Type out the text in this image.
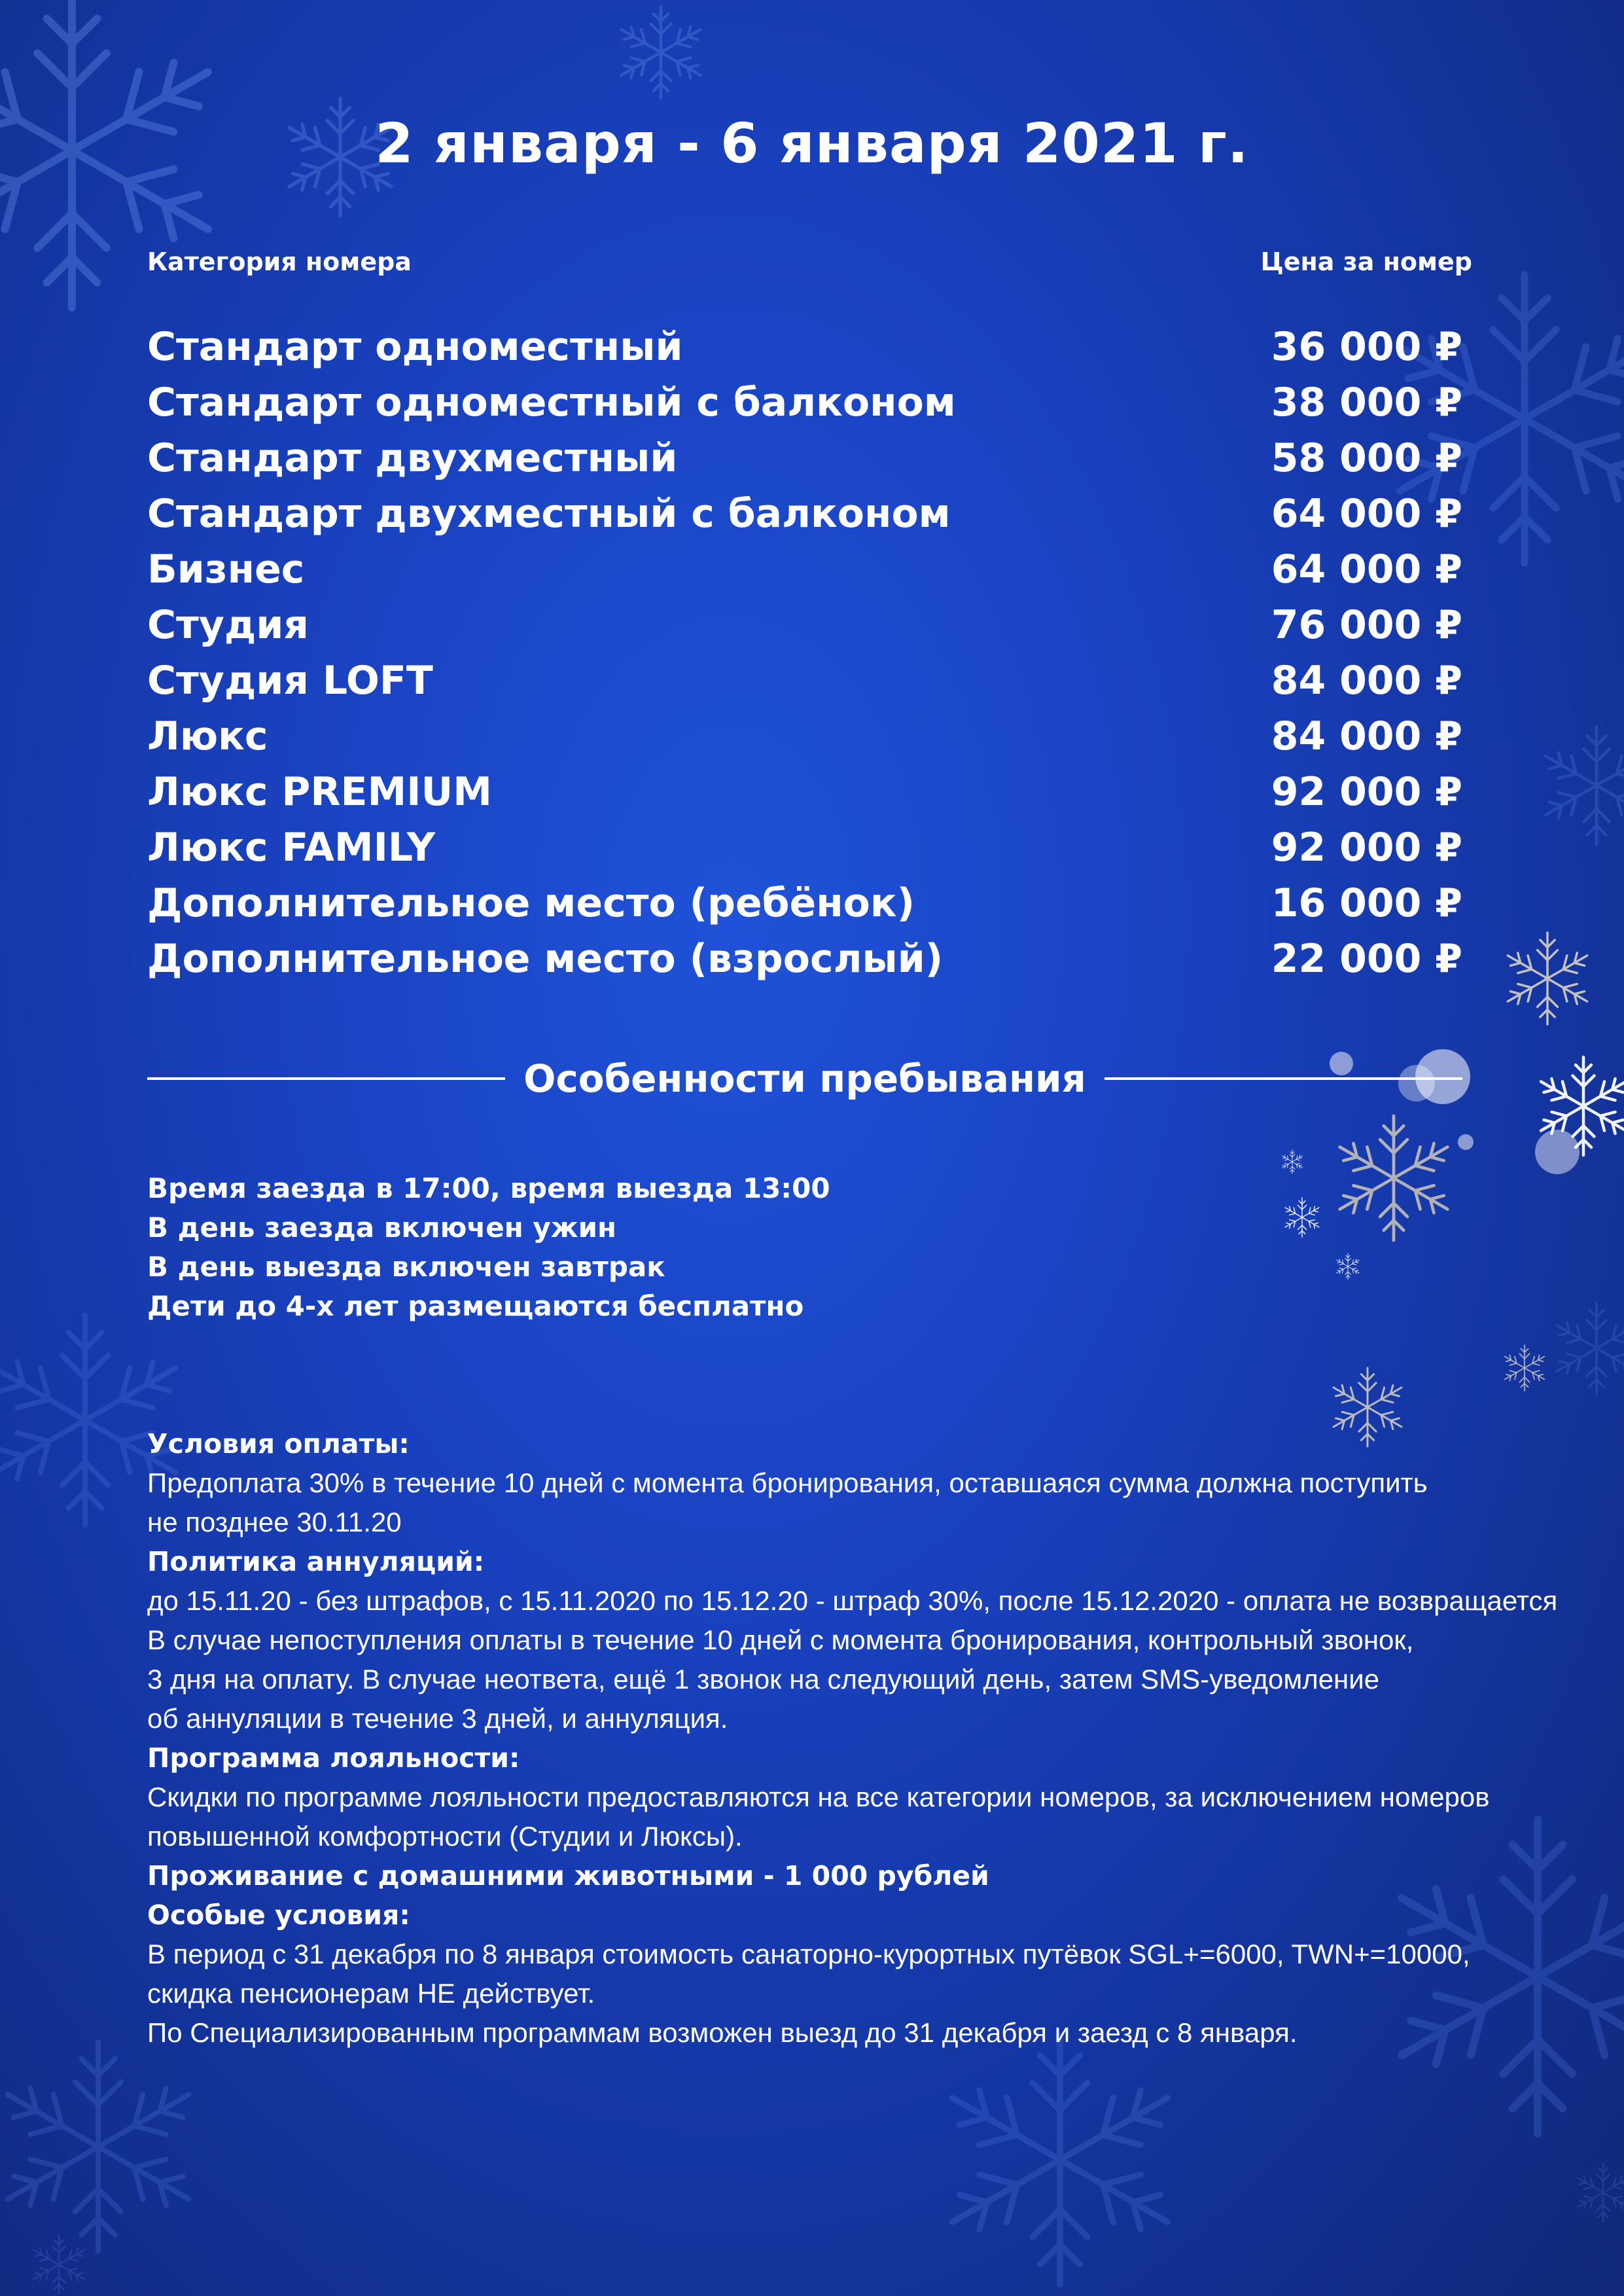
2 января - 6 января 2021 г.
Категория номера	Цена за номер
Стандарт одноместный	36 000 ₽
Стандарт одноместный с балконом	38 000 ₽
Стандарт двухместный	58 000 ₽
Стандарт двухместный с балконом	64 000 ₽
Бизнес	64 000 ₽
Студия	76 000 ₽
Студия LOFT	84 000 ₽
Люкс	84 000 ₽
Люкс PREMIUM	92 000 ₽
Люкс FAMILY	92 000 ₽
Дополнительное место (ребёнок)	16 000 ₽
Дополнительное место (взрослый)	22 000 ₽
Особенности пребывания
Время заезда в 17:00, время выезда 13:00
В день заезда включен ужин
В день выезда включен завтрак
Дети до 4-х лет размещаются бесплатно
Условия оплаты:
Предоплата 30% в течение 10 дней с момента бронирования, оставшаяся сумма должна поступить
не позднее 30.11.20
Политика аннуляций:
до 15.11.20 - без штрафов, с 15.11.2020 по 15.12.20 - штраф 30%, после 15.12.2020 - оплата не возвращается
В случае непоступления оплаты в течение 10 дней с момента бронирования, контрольный звонок,
3 дня на оплату. В случае неответа, ещё 1 звонок на следующий день, затем SMS-уведомление
об аннуляции в течение 3 дней, и аннуляция.
Программа лояльности:
Скидки по программе лояльности предоставляются на все категории номеров, за исключением номеров
повышенной комфортности (Студии и Люксы).
Проживание с домашними животными - 1 000 рублей
Особые условия:
В период с 31 декабря по 8 января стоимость санаторно-курортных путёвок SGL+=6000, TWN+=10000,
скидка пенсионерам НЕ действует.
По Специализированным программам возможен выезд до 31 декабря и заезд с 8 января.
